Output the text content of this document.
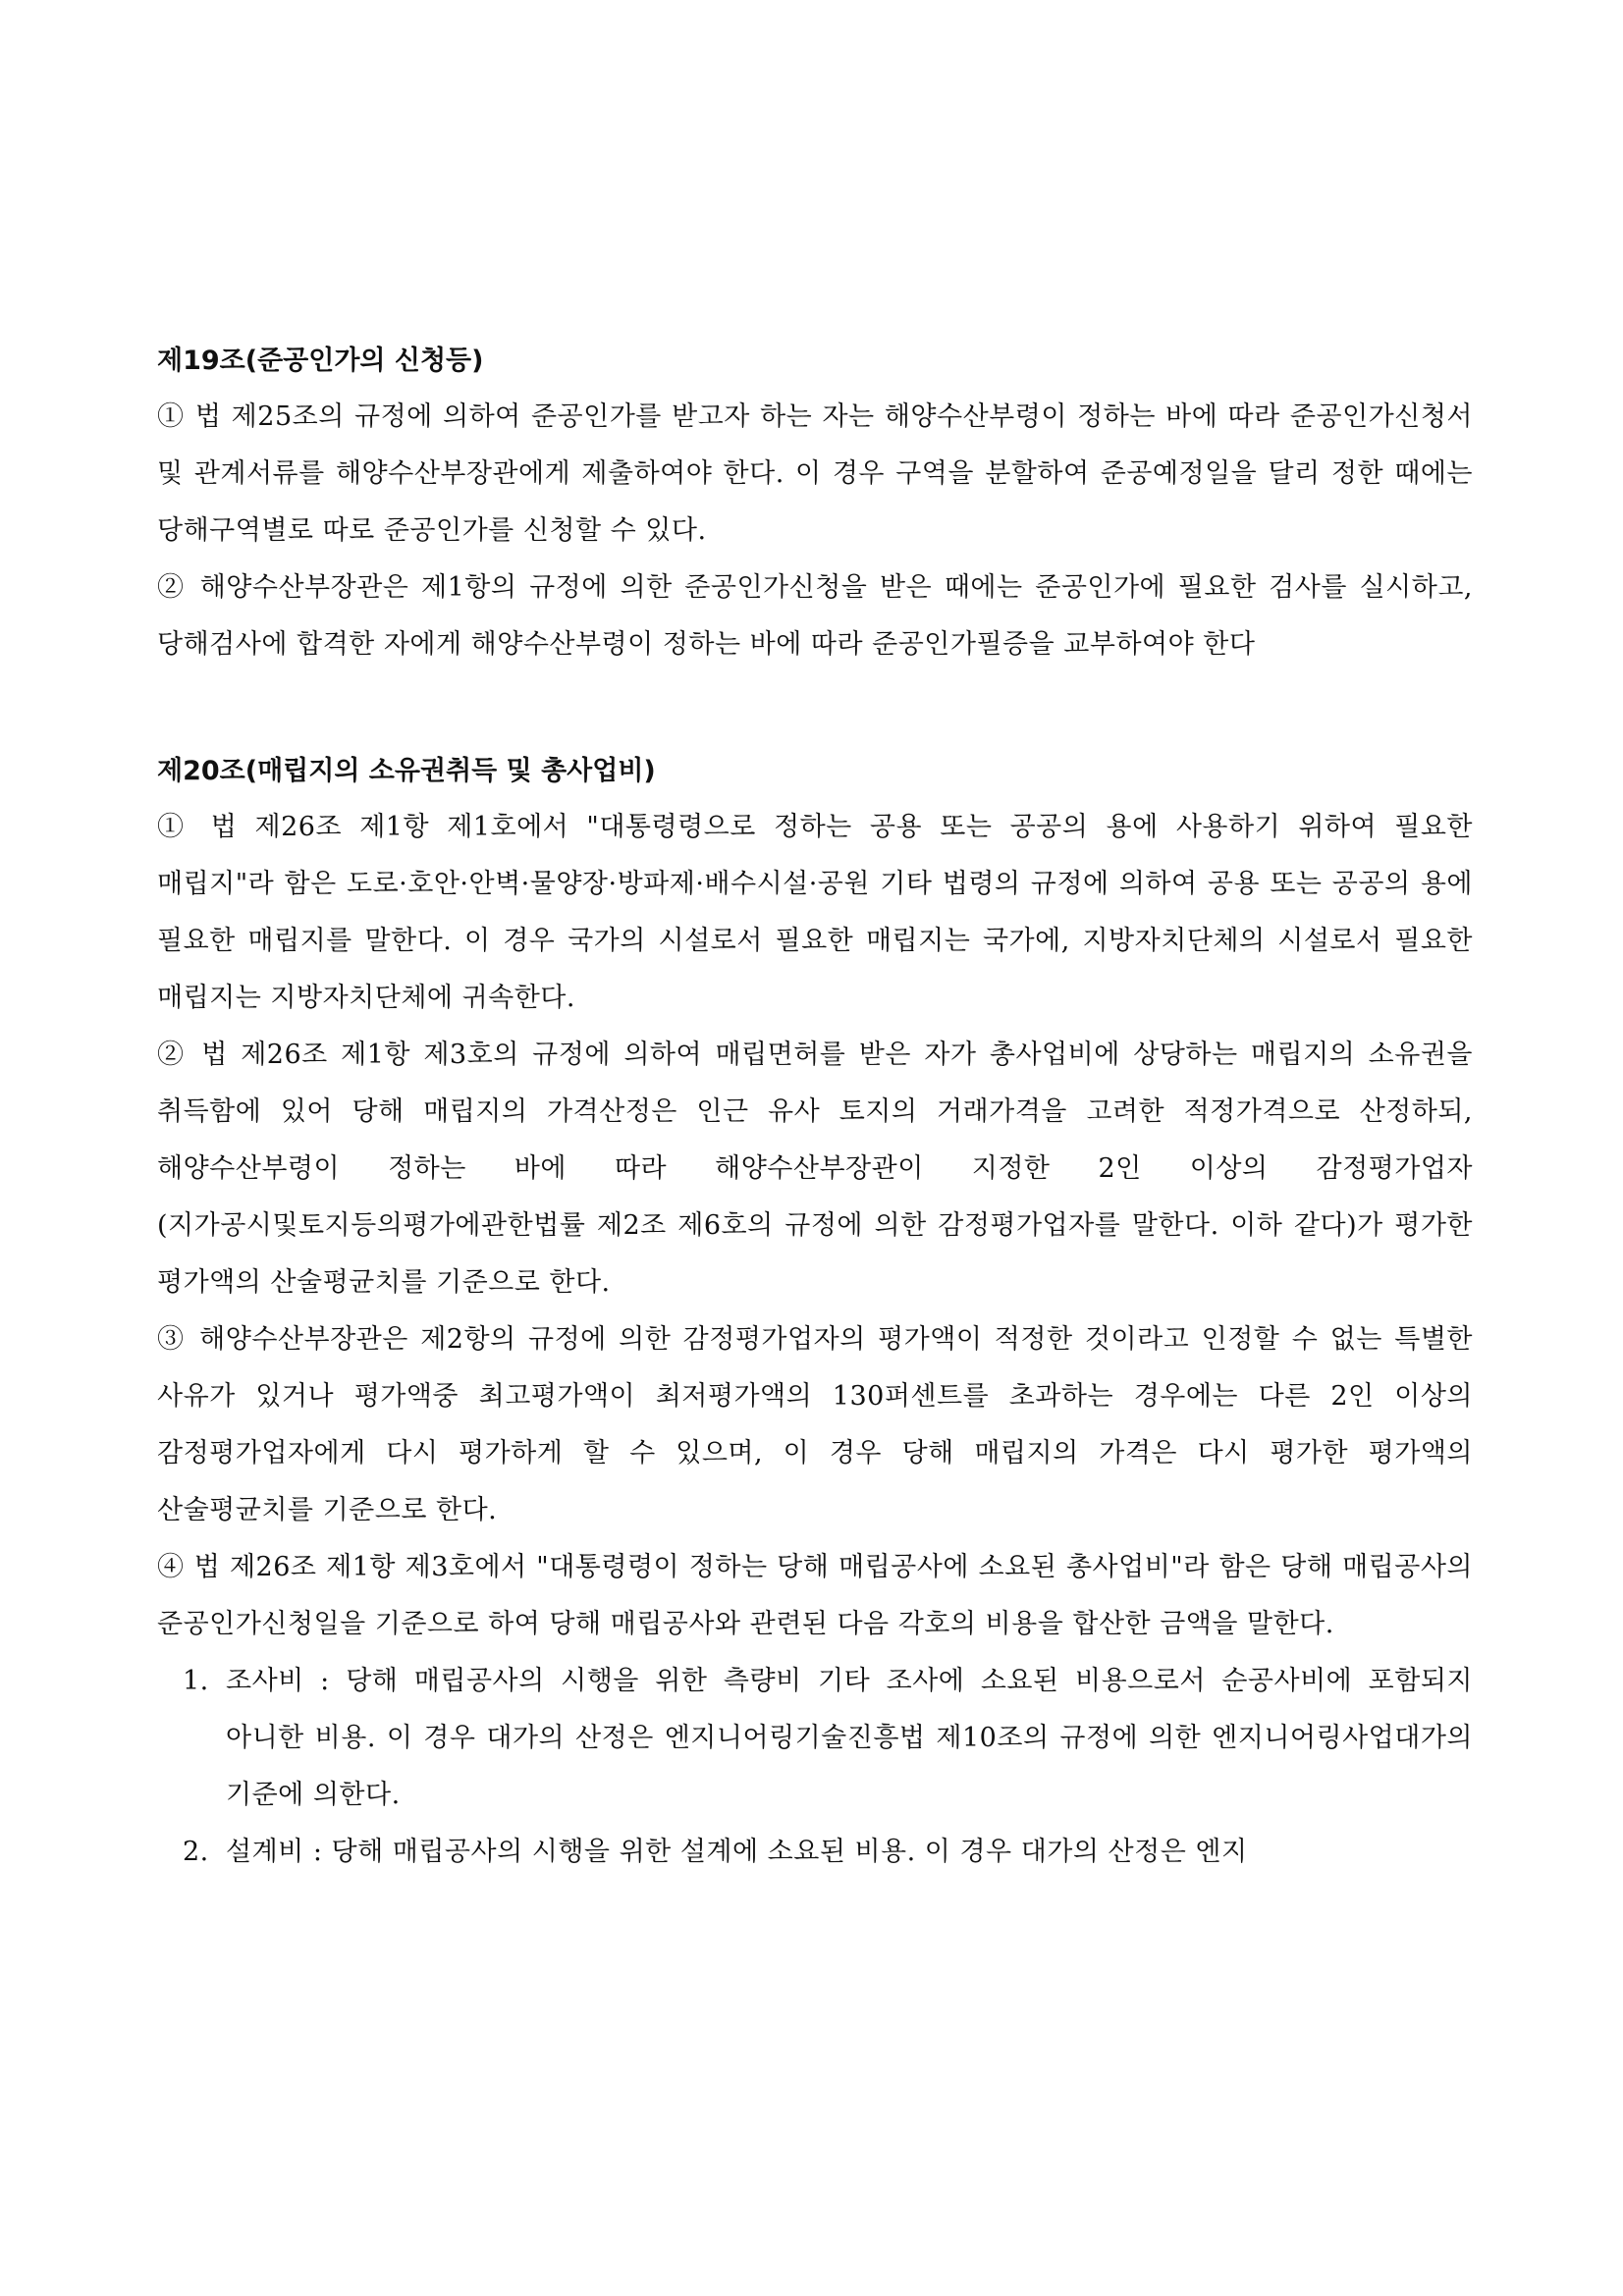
제19조(준공인가의 신청등)

① 법 제25조의 규정에 의하여 준공인가를 받고자 하는 자는 해양수산부령이 정하는 바에 따라 준공인가신청서 및 관계서류를 해양수산부장관에게 제출하여야 한다. 이 경우 구역을 분할하여 준공예정일을 달리 정한 때에는 당해구역별로 따로 준공인가를 신청할 수 있다.

② 해양수산부장관은 제1항의 규정에 의한 준공인가신청을 받은 때에는 준공인가에 필요한 검사를 실시하고, 당해검사에 합격한 자에게 해양수산부령이 정하는 바에 따라 준공인가필증을 교부하여야 한다

제20조(매립지의 소유권취득 및 총사업비)

① 법 제26조 제1항 제1호에서 "대통령령으로 정하는 공용 또는 공공의 용에 사용하기 위하여 필요한 매립지"라 함은 도로·호안·안벽·물양장·방파제·배수시설·공원 기타 법령의 규정에 의하여 공용 또는 공공의 용에 필요한 매립지를 말한다. 이 경우 국가의 시설로서 필요한 매립지는 국가에, 지방자치단체의 시설로서 필요한 매립지는 지방자치단체에 귀속한다.

② 법 제26조 제1항 제3호의 규정에 의하여 매립면허를 받은 자가 총사업비에 상당하는 매립지의 소유권을 취득함에 있어 당해 매립지의 가격산정은 인근 유사 토지의 거래가격을 고려한 적정가격으로 산정하되, 해양수산부령이 정하는 바에 따라 해양수산부장관이 지정한 2인 이상의 감정평가업자(지가공시및토지등의평가에관한법률 제2조 제6호의 규정에 의한 감정평가업자를 말한다. 이하 같다)가 평가한 평가액의 산술평균치를 기준으로 한다.

③ 해양수산부장관은 제2항의 규정에 의한 감정평가업자의 평가액이 적정한 것이라고 인정할 수 없는 특별한 사유가 있거나 평가액중 최고평가액이 최저평가액의 130퍼센트를 초과하는 경우에는 다른 2인 이상의 감정평가업자에게 다시 평가하게 할 수 있으며, 이 경우 당해 매립지의 가격은 다시 평가한 평가액의 산술평균치를 기준으로 한다.

④ 법 제26조 제1항 제3호에서 "대통령령이 정하는 당해 매립공사에 소요된 총사업비"라 함은 당해 매립공사의 준공인가신청일을 기준으로 하여 당해 매립공사와 관련된 다음 각호의 비용을 합산한 금액을 말한다.

1. 조사비 : 당해 매립공사의 시행을 위한 측량비 기타 조사에 소요된 비용으로서 순공사비에 포함되지 아니한 비용. 이 경우 대가의 산정은 엔지니어링기술진흥법 제10조의 규정에 의한 엔지니어링사업대가의 기준에 의한다.
2. 설계비 : 당해 매립공사의 시행을 위한 설계에 소요된 비용. 이 경우 대가의 산정은 엔지
